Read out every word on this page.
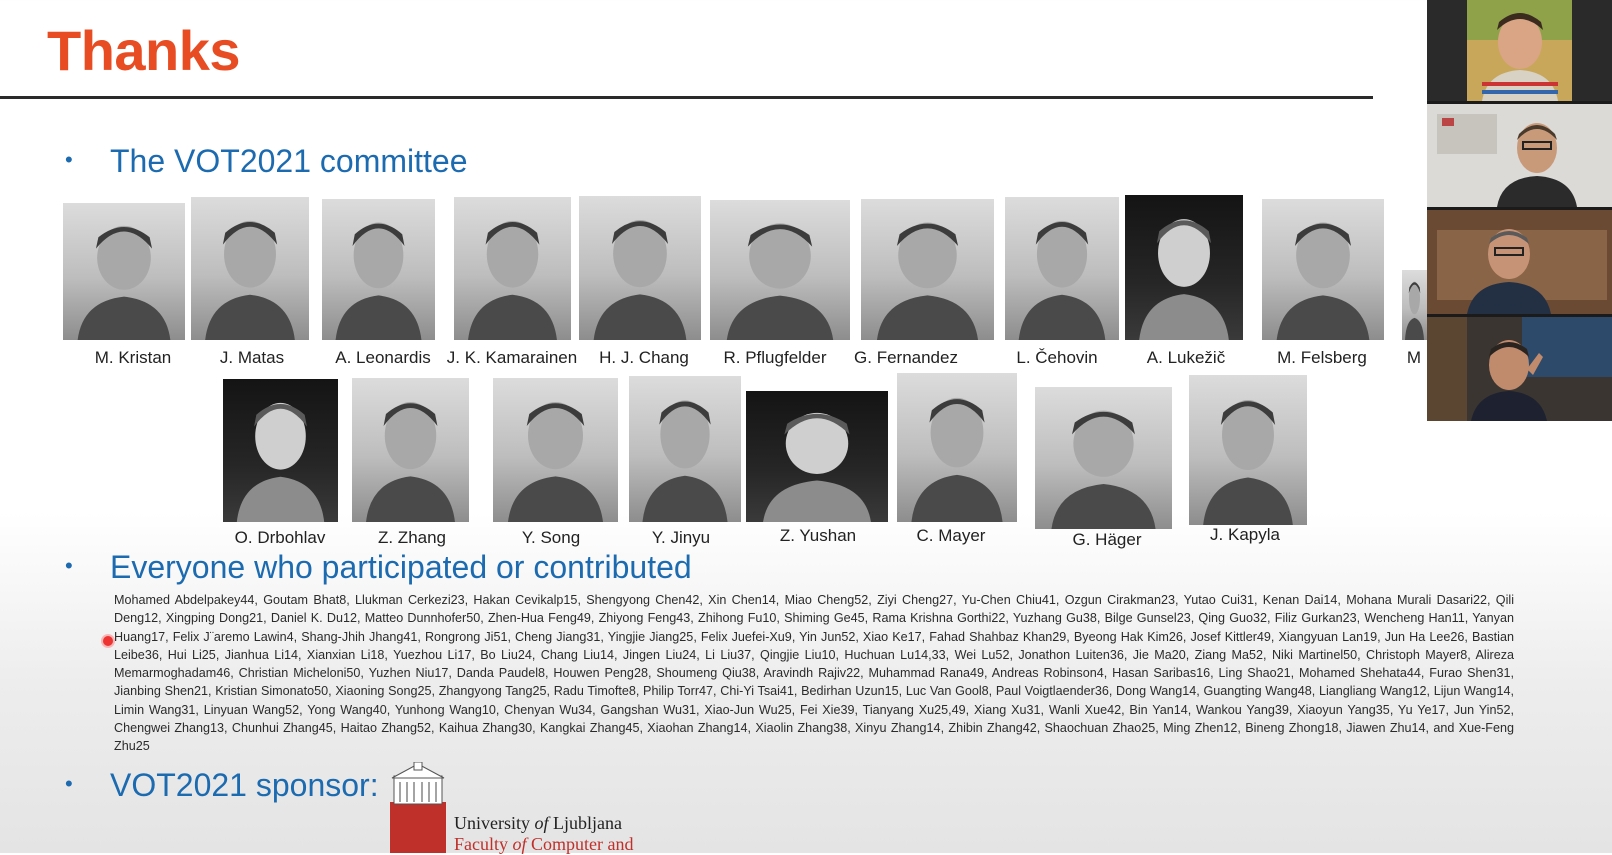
Thanks
• The VOT2021 committee
M. Kristan	J. Matas	A. Leonardis J. K. Kamarainen H. J. Chang R. Pflugfelder G. Fernandez	L. Čehovin	A. Lukežič	M. Felsberg M
O. Drbohlav	Z. Zhang	Y. Song	Y. Jinyu	Z. Yushan	C. Mayer	G. Häger	J. Kapyla
• Everyone who participated or contributed
Mohamed Abdelpakey44, Goutam Bhat8, Llukman Cerkezi23, Hakan Cevikalp15, Shengyong Chen42, Xin Chen14, Miao Cheng52, Ziyi Cheng27, Yu-Chen Chiu41, Ozgun Cirakman23, Yutao Cui31, Kenan Dai14, Mohana Murali Dasari22, Qili Deng12, Xingping Dong21, Daniel K. Du12, Matteo Dunnhofer50, Zhen-Hua Feng49, Zhiyong Feng43, Zhihong Fu10, Shiming Ge45, Rama Krishna Gorthi22, Yuzhang Gu38, Bilge Gunsel23, Qing Guo32, Filiz Gurkan23, Wencheng Han11, Yanyan Huang17, Felix J¨aremo Lawin4, Shang-Jhih Jhang41, Rongrong Ji51, Cheng Jiang31, Yingjie Jiang25, Felix Juefei-Xu9, Yin Jun52, Xiao Ke17, Fahad Shahbaz Khan29, Byeong Hak Kim26, Josef Kittler49, Xiangyuan Lan19, Jun Ha Lee26, Bastian Leibe36, Hui Li25, Jianhua Li14, Xianxian Li18, Yuezhou Li17, Bo Liu24, Chang Liu14, Jingen Liu24, Li Liu37, Qingjie Liu10, Huchuan Lu14,33, Wei Lu52, Jonathon Luiten36, Jie Ma20, Ziang Ma52, Niki Martinel50, Christoph Mayer8, Alireza Memarmoghadam46, Christian Micheloni50, Yuzhen Niu17, Danda Paudel8, Houwen Peng28, Shoumeng Qiu38, Aravindh Rajiv22, Muhammad Rana49, Andreas Robinson4, Hasan Saribas16, Ling Shao21, Mohamed Shehata44, Furao Shen31, Jianbing Shen21, Kristian Simonato50, Xiaoning Song25, Zhangyong Tang25, Radu Timofte8, Philip Torr47, Chi-Yi Tsai41, Bedirhan Uzun15, Luc Van Gool8, Paul Voigtlaender36, Dong Wang14, Guangting Wang48, Liangliang Wang12, Lijun Wang14, Limin Wang31, Linyuan Wang52, Yong Wang40, Yunhong Wang10, Chenyan Wu34, Gangshan Wu31, Xiao-Jun Wu25, Fei Xie39, Tianyang Xu25,49, Xiang Xu31, Wanli Xue42, Bin Yan14, Wankou Yang39, Xiaoyun Yang35, Yu Ye17, Jun Yin52, Chengwei Zhang13, Chunhui Zhang45, Haitao Zhang52, Kaihua Zhang30, Kangkai Zhang45, Xiaohan Zhang14, Xiaolin Zhang38, Xinyu Zhang14, Zhibin Zhang42, Shaochuan Zhao25, Ming Zhen12, Bineng Zhong18, Jiawen Zhu14, and Xue-Feng Zhu25
• VOT2021 sponsor:
University of Ljubljana
Faculty of Computer and
